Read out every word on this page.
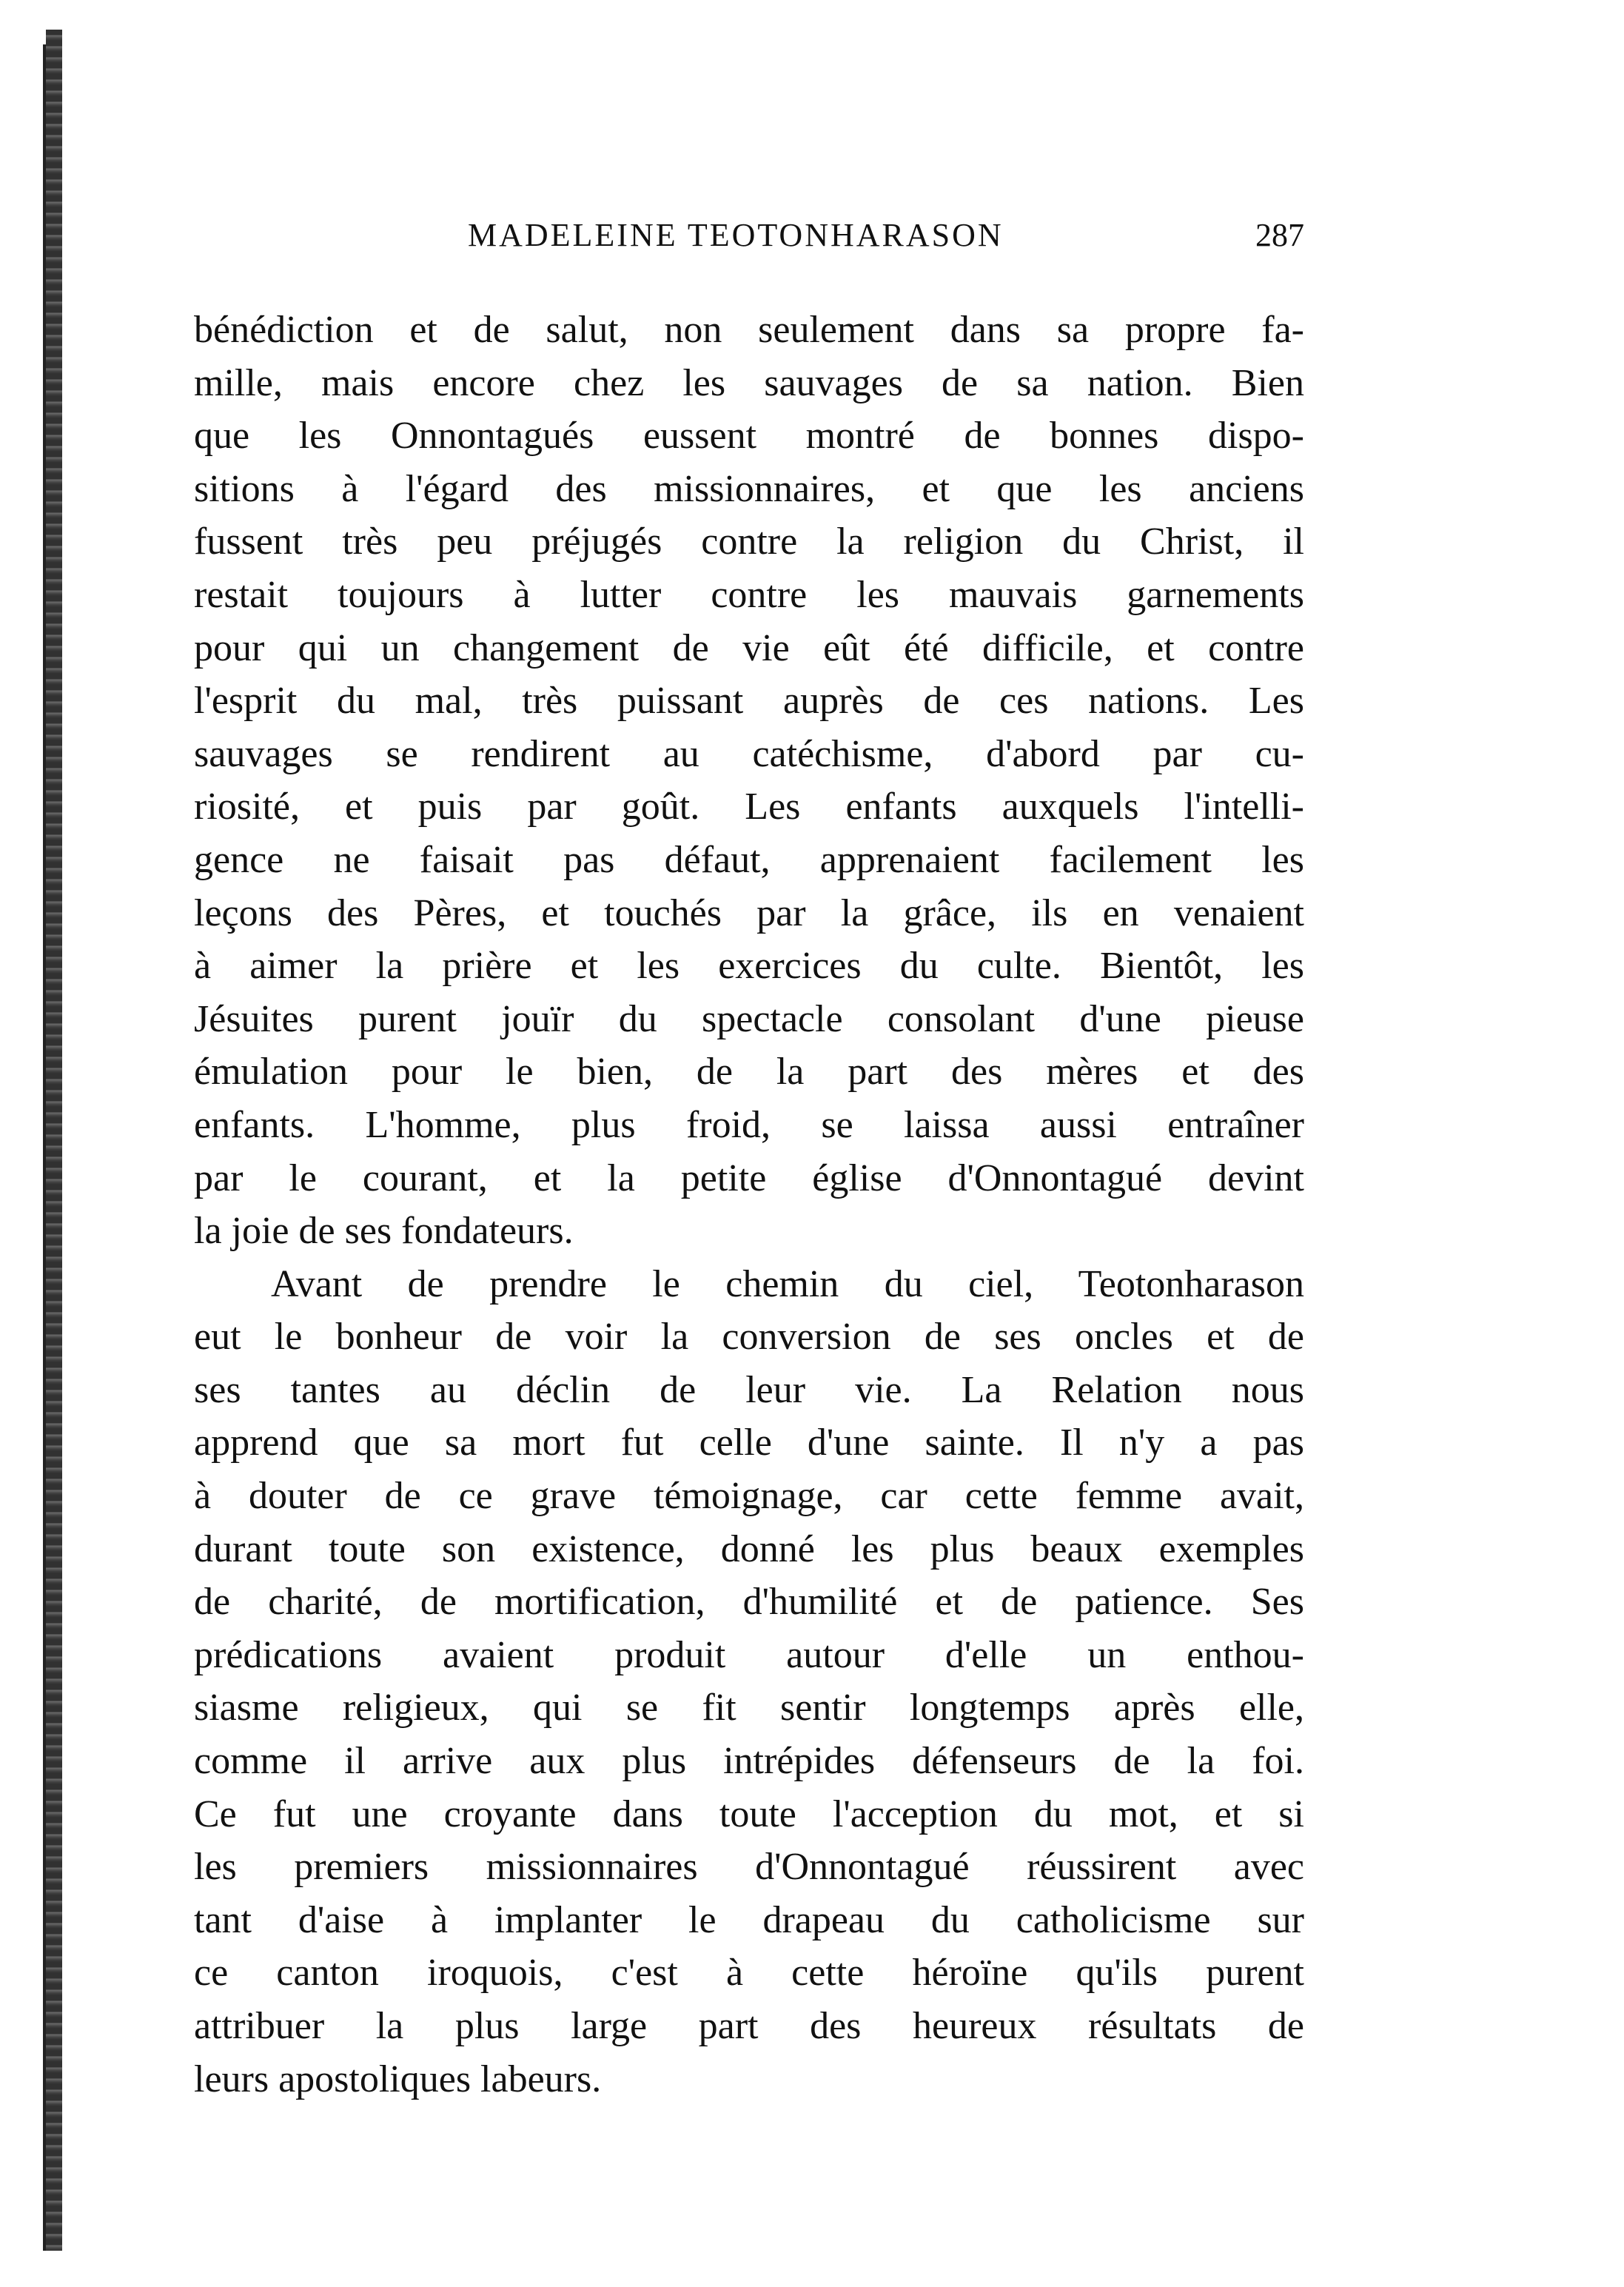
MADELEINE TEOTONHARASON	287
bénédiction et de salut, non seulement dans sa propre fa-
mille, mais encore chez les sauvages de sa nation. Bien
que les Onnontagués eussent montré de bonnes dispo-
sitions à l'égard des missionnaires, et que les anciens
fussent très peu préjugés contre la religion du Christ, il
restait toujours à lutter contre les mauvais garnements
pour qui un changement de vie eût été difficile, et contre
l'esprit du mal, très puissant auprès de ces nations. Les
sauvages se rendirent au catéchisme, d'abord par cu-
riosité, et puis par goût. Les enfants auxquels l'intelli-
gence ne faisait pas défaut, apprenaient facilement les
leçons des Pères, et touchés par la grâce, ils en venaient
à aimer la prière et les exercices du culte. Bientôt, les
Jésuites purent jouïr du spectacle consolant d'une pieuse
émulation pour le bien, de la part des mères et des
enfants. L'homme, plus froid, se laissa aussi entraîner
par le courant, et la petite église d'Onnontagué devint
la joie de ses fondateurs.
Avant de prendre le chemin du ciel, Teotonharason
eut le bonheur de voir la conversion de ses oncles et de
ses tantes au déclin de leur vie. La Relation nous
apprend que sa mort fut celle d'une sainte. Il n'y a pas
à douter de ce grave témoignage, car cette femme avait,
durant toute son existence, donné les plus beaux exemples
de charité, de mortification, d'humilité et de patience. Ses
prédications avaient produit autour d'elle un enthou-
siasme religieux, qui se fit sentir longtemps après elle,
comme il arrive aux plus intrépides défenseurs de la foi.
Ce fut une croyante dans toute l'acception du mot, et si
les premiers missionnaires d'Onnontagué réussirent avec
tant d'aise à implanter le drapeau du catholicisme sur
ce canton iroquois, c'est à cette héroïne qu'ils purent
attribuer la plus large part des heureux résultats de
leurs apostoliques labeurs.
